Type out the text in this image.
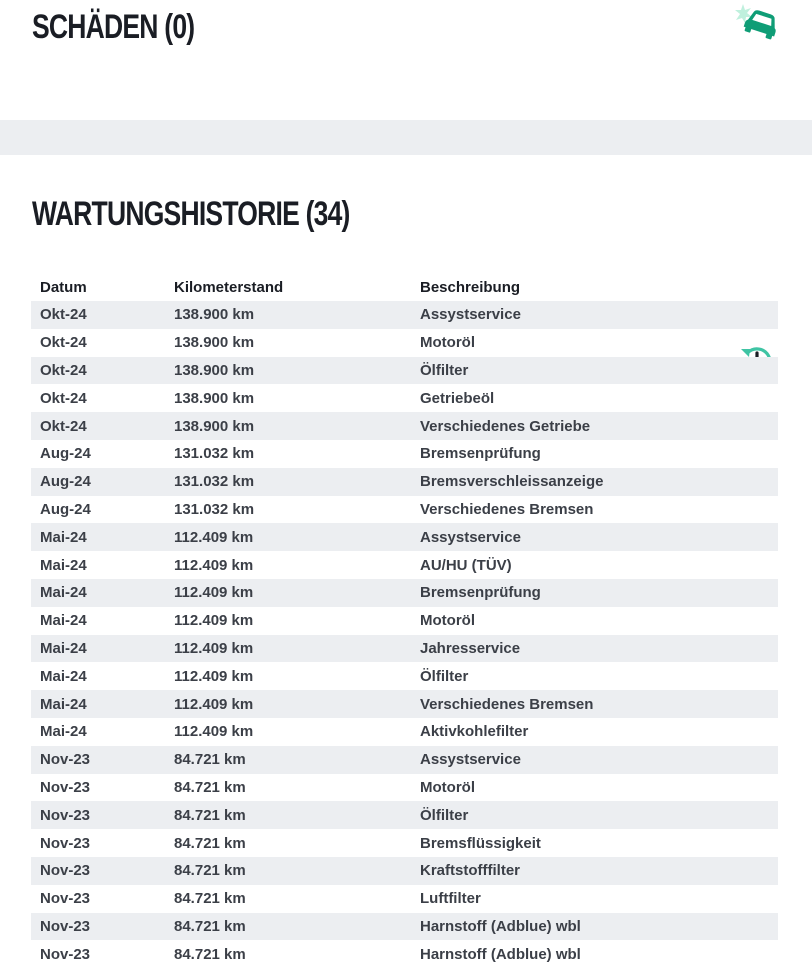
SCHÄDEN (0)
WARTUNGSHISTORIE (34)
Datum	Kilometerstand	Beschreibung
Okt-24	138.900 km	Assystservice
Okt-24	138.900 km	Motoröl
Okt-24	138.900 km	Ölfilter
Okt-24	138.900 km	Getriebeöl
Okt-24	138.900 km	Verschiedenes Getriebe
Aug-24	131.032 km	Bremsenprüfung
Aug-24	131.032 km	Bremsverschleissanzeige
Aug-24	131.032 km	Verschiedenes Bremsen
Mai-24	112.409 km	Assystservice
Mai-24	112.409 km	AU/HU (TÜV)
Mai-24	112.409 km	Bremsenprüfung
Mai-24	112.409 km	Motoröl
Mai-24	112.409 km	Jahresservice
Mai-24	112.409 km	Ölfilter
Mai-24	112.409 km	Verschiedenes Bremsen
Mai-24	112.409 km	Aktivkohlefilter
Nov-23	84.721 km	Assystservice
Nov-23	84.721 km	Motoröl
Nov-23	84.721 km	Ölfilter
Nov-23	84.721 km	Bremsflüssigkeit
Nov-23	84.721 km	Kraftstofffilter
Nov-23	84.721 km	Luftfilter
Nov-23	84.721 km	Harnstoff (Adblue) wbl
Nov-23	84.721 km	Harnstoff (Adblue) wbl
